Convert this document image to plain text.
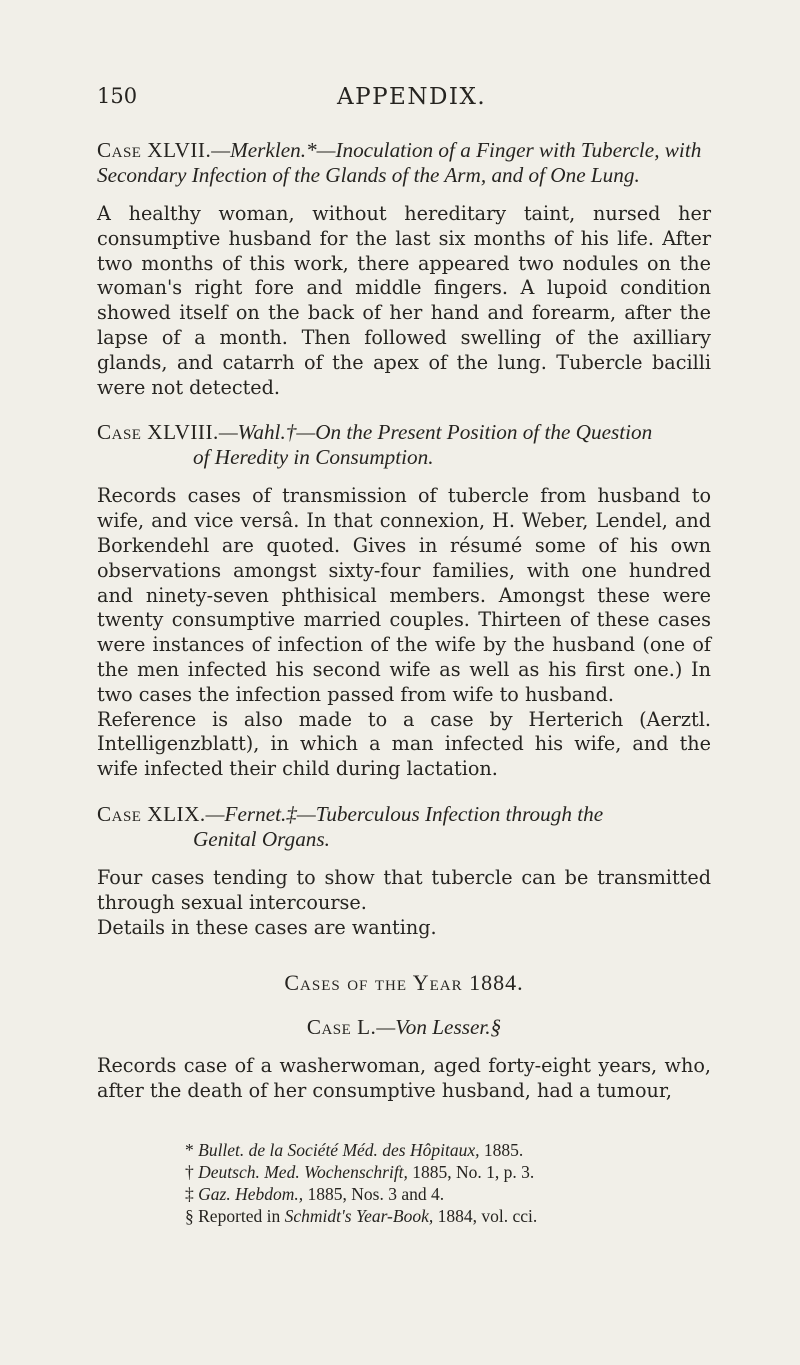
150	APPENDIX.

Case XLVII.—Merklen.*—Inoculation of a Finger with Tubercle, with Secondary Infection of the Glands of the Arm, and of One Lung.

A healthy woman, without hereditary taint, nursed her consumptive husband for the last six months of his life. After two months of this work, there appeared two nodules on the woman's right fore and middle fingers. A lupoid condition showed itself on the back of her hand and forearm, after the lapse of a month. Then followed swelling of the axilliary glands, and catarrh of the apex of the lung. Tubercle bacilli were not detected.

Case XLVIII.—Wahl.†—On the Present Position of the Question
of Heredity in Consumption.

Records cases of transmission of tubercle from husband to wife, and vice versâ. In that connexion, H. Weber, Lendel, and Borkendehl are quoted. Gives in résumé some of his own observations amongst sixty-four families, with one hundred and ninety-seven phthisical members. Amongst these were twenty consumptive married couples. Thirteen of these cases were instances of infection of the wife by the husband (one of the men infected his second wife as well as his first one.) In two cases the infection passed from wife to husband.

Reference is also made to a case by Herterich (Aerztl. Intelligenzblatt), in which a man infected his wife, and the wife infected their child during lactation.

Case XLIX.—Fernet.‡—Tuberculous Infection through the
Genital Organs.

Four cases tending to show that tubercle can be transmitted through sexual intercourse.

Details in these cases are wanting.

Cases of the Year 1884.

Case L.—Von Lesser.§

Records case of a washerwoman, aged forty-eight years, who, after the death of her consumptive husband, had a tumour,

* Bullet. de la Société Méd. des Hôpitaux, 1885.

† Deutsch. Med. Wochenschrift, 1885, No. 1, p. 3.

‡ Gaz. Hebdom., 1885, Nos. 3 and 4.

§ Reported in Schmidt's Year-Book, 1884, vol. cci.
